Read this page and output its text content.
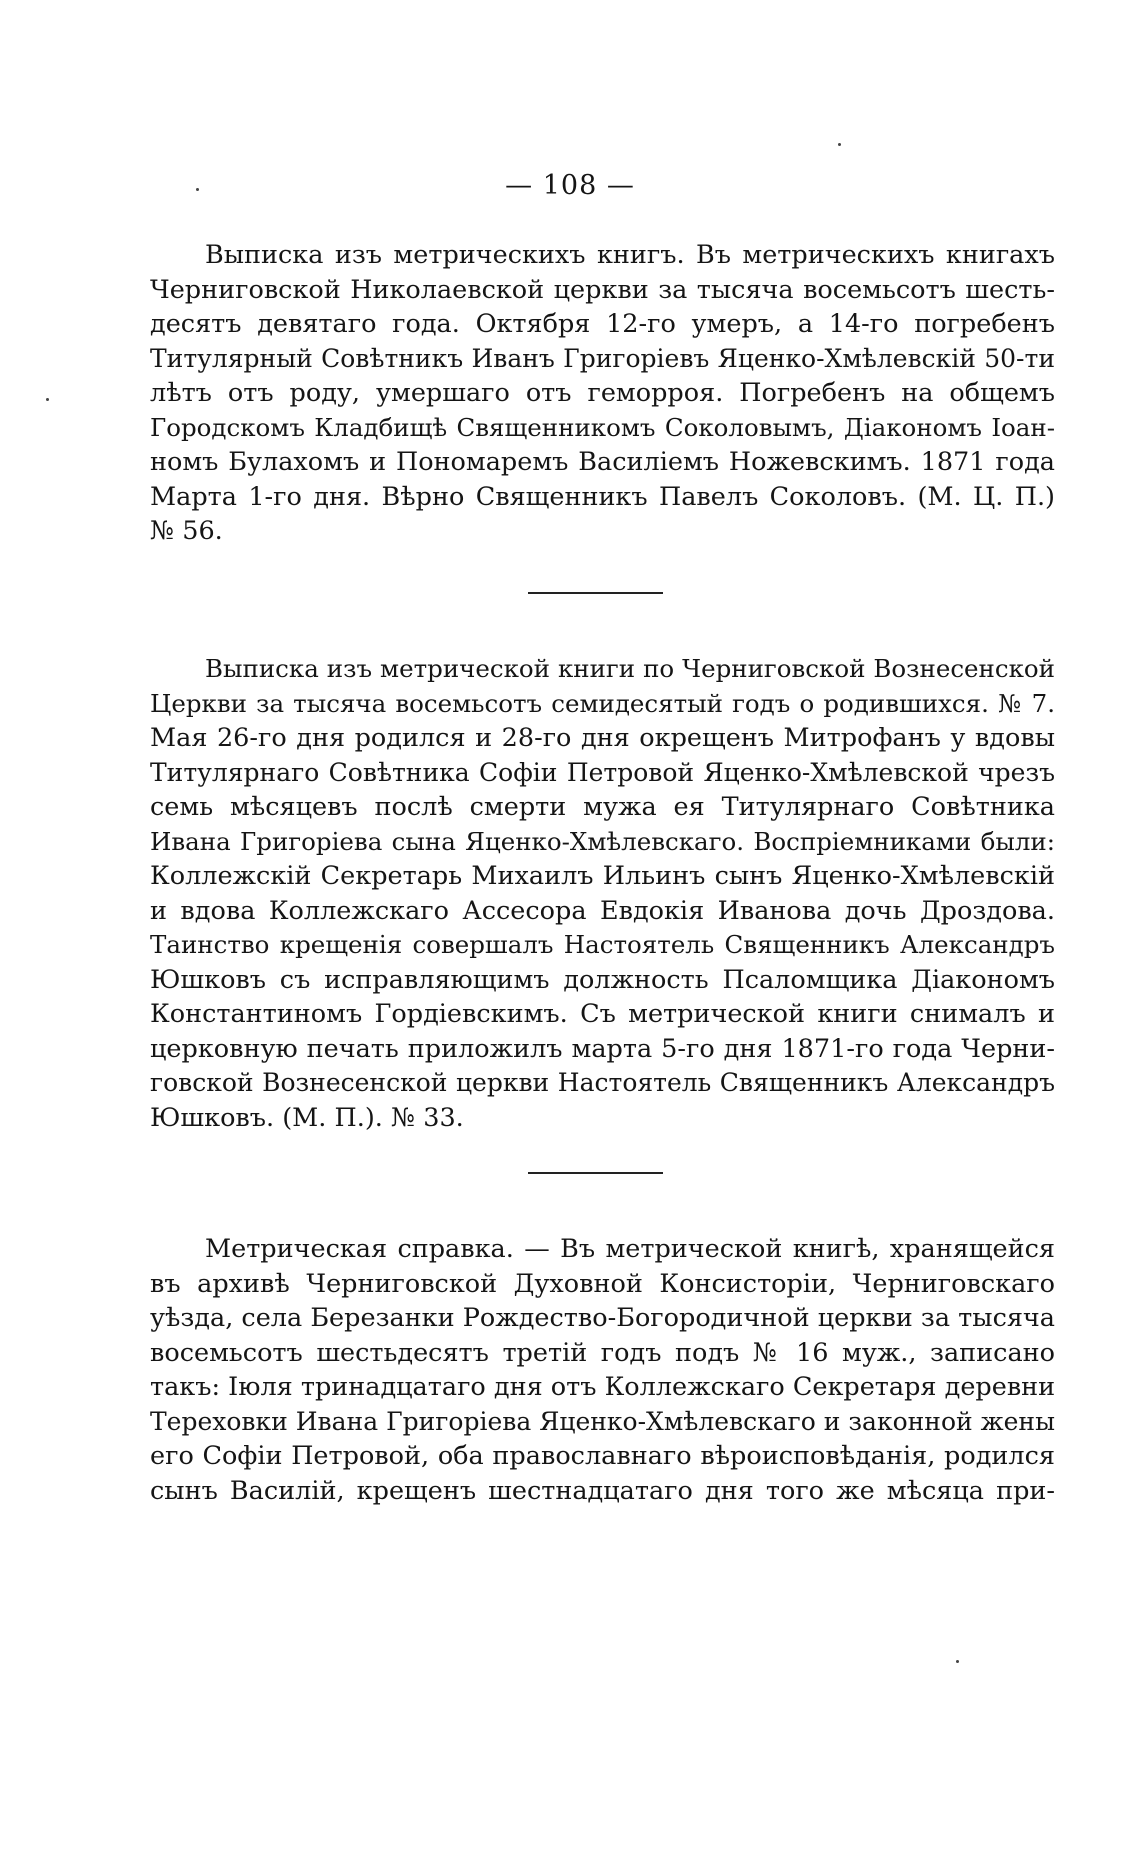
— 108 —
Выписка изъ метрическихъ книгъ. Въ метрическихъ книгахъ
Черниговской Николаевской церкви за тысяча восемьсотъ шесть-
десятъ девятаго года. Октября 12-го умеръ, а 14-го погребенъ
Титулярный Совѣтникъ Иванъ Григоріевъ Яценко-Хмѣлевскій 50-ти
лѣтъ отъ роду, умершаго отъ геморроя. Погребенъ на общемъ
Городскомъ Кладбищѣ Священникомъ Соколовымъ, Діакономъ Іоан-
номъ Булахомъ и Пономаремъ Василіемъ Ножевскимъ. 1871 года
Марта 1-го дня. Вѣрно Священникъ Павелъ Соколовъ. (М. Ц. П.)
№ 56.
Выписка изъ метрической книги по Черниговской Вознесенской
Церкви за тысяча восемьсотъ семидесятый годъ о родившихся. № 7.
Мая 26-го дня родился и 28-го дня окрещенъ Митрофанъ у вдовы
Титулярнаго Совѣтника Софіи Петровой Яценко-Хмѣлевской чрезъ
семь мѣсяцевъ послѣ смерти мужа ея Титулярнаго Совѣтника
Ивана Григоріева сына Яценко-Хмѣлевскаго. Воспріемниками были:
Коллежскій Секретарь Михаилъ Ильинъ сынъ Яценко-Хмѣлевскій
и вдова Коллежскаго Ассесора Евдокія Иванова дочь Дроздова.
Таинство крещенія совершалъ Настоятель Священникъ Александръ
Юшковъ съ исправляющимъ должность Псаломщика Діакономъ
Константиномъ Гордіевскимъ. Съ метрической книги снималъ и
церковную печать приложилъ марта 5-го дня 1871-го года Черни-
говской Вознесенской церкви Настоятель Священникъ Александръ
Юшковъ. (М. П.). № 33.
Метрическая справка. — Въ метрической книгѣ, хранящейся
въ архивѣ Черниговской Духовной Консисторіи, Черниговскаго
уѣзда, села Березанки Рождество-Богородичной церкви за тысяча
восемьсотъ шестьдесятъ третій годъ подъ № 16 муж., записано
такъ: Іюля тринадцатаго дня отъ Коллежскаго Секретаря деревни
Тереховки Ивана Григоріева Яценко-Хмѣлевскаго и законной жены
его Софіи Петровой, оба православнаго вѣроисповѣданія, родился
сынъ Василій, крещенъ шестнадцатаго дня того же мѣсяца при-
